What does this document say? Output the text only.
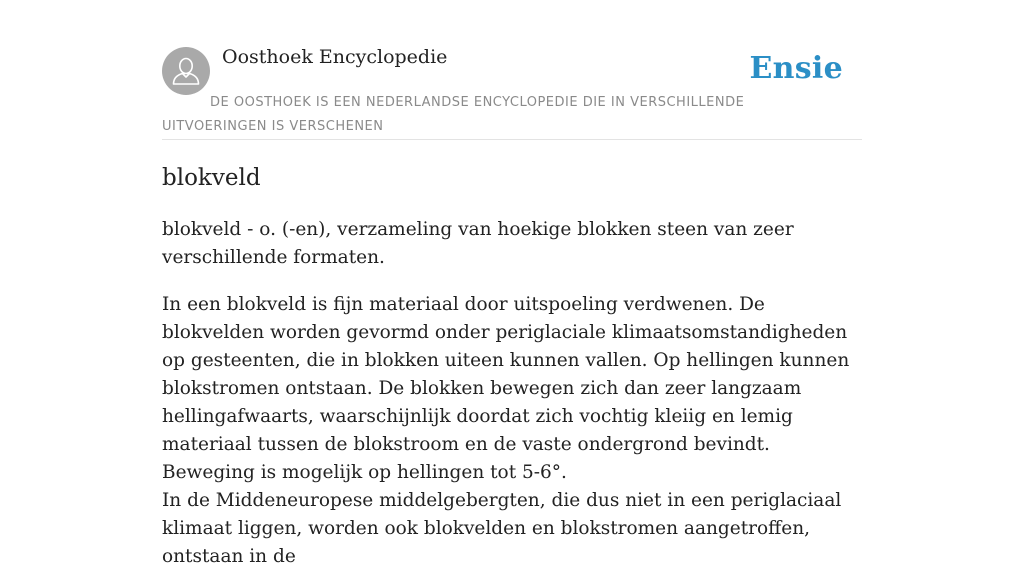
Oosthoek Encyclopedie	Ensie
DE OOSTHOEK IS EEN NEDERLANDSE ENCYCLOPEDIE DIE IN VERSCHILLENDE UITVOERINGEN IS VERSCHENEN
blokveld

blokveld - o. (-en), verzameling van hoekige blokken steen van zeer verschillende formaten.

In een blokveld is fijn materiaal door uitspoeling verdwenen. De blokvelden worden gevormd onder periglaciale klimaatsomstandigheden op gesteenten, die in blokken uiteen kunnen vallen. Op hellingen kunnen blokstromen ontstaan. De blokken bewegen zich dan zeer langzaam hellingafwaarts, waarschijnlijk doordat zich vochtig kleiig en lemig materiaal tussen de blokstroom en de vaste ondergrond bevindt. Beweging is mogelijk op hellingen tot 5-6°.
In de Middeneuropese middelgebergten, die dus niet in een periglaciaal klimaat liggen, worden ook blokvelden en blokstromen aangetroffen, ontstaan in de
